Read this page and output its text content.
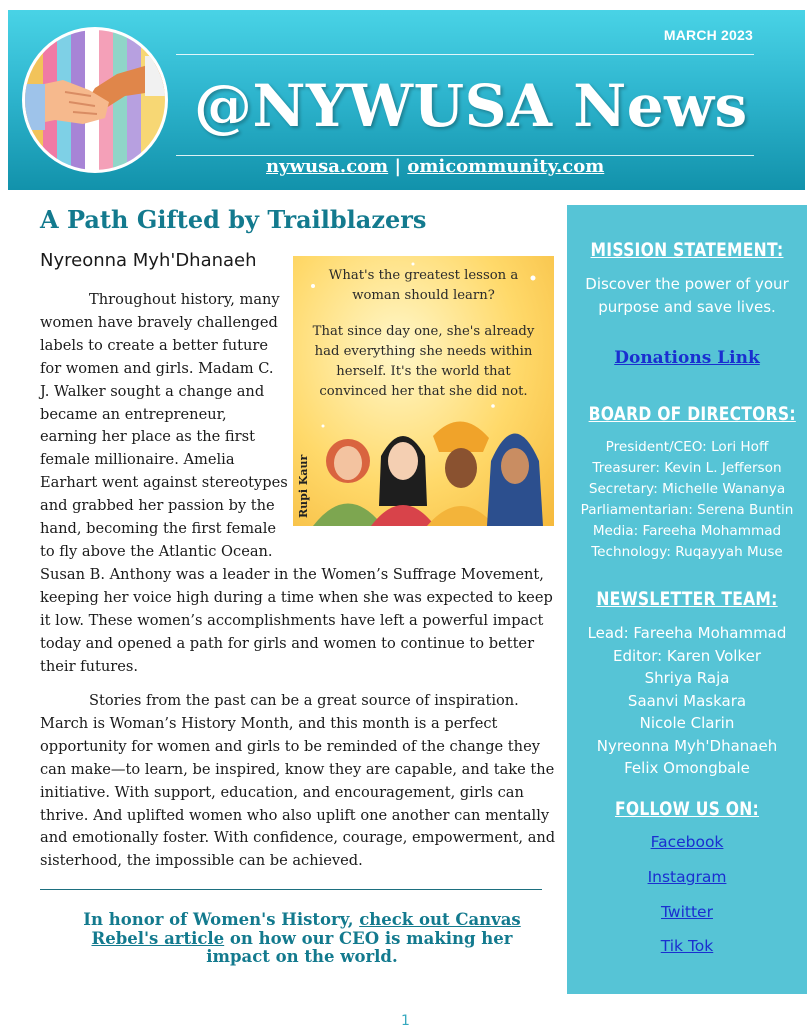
MARCH 2023
@NYWUSA News
nywusa.com | omicommunity.com
A Path Gifted by Trailblazers
Nyreonna Myh'Dhanaeh
Throughout history, many
women have bravely challenged
labels to create a better future
for women and girls. Madam C.
J. Walker sought a change and
became an entrepreneur,
earning her place as the first
female millionaire. Amelia
Earhart went against stereotypes
and grabbed her passion by the
hand, becoming the first female
to fly above the Atlantic Ocean.
Susan B. Anthony was a leader in the Women’s Suffrage Movement,
keeping her voice high during a time when she was expected to keep
it low. These women’s accomplishments have left a powerful impact
today and opened a path for girls and women to continue to better
their futures.
Stories from the past can be a great source of inspiration.
March is Woman’s History Month, and this month is a perfect
opportunity for women and girls to be reminded of the change they
can make—to learn, be inspired, know they are capable, and take the
initiative. With support, education, and encouragement, girls can
thrive. And uplifted women who also uplift one another can mentally
and emotionally foster. With confidence, courage, empowerment, and
sisterhood, the impossible can be achieved.
What's the greatest lesson a
woman should learn?
That since day one, she's already
had everything she needs within
herself. It's the world that
convinced her that she did not.
Rupi Kaur
In honor of Women's History, check out Canvas
Rebel's article on how our CEO is making her
impact on the world.
1
MISSION STATEMENT:
Discover the power of your
purpose and save lives.
Donations Link
BOARD OF DIRECTORS:
President/CEO: Lori Hoff
Treasurer: Kevin L. Jefferson
Secretary: Michelle Wananya
Parliamentarian: Serena Buntin
Media: Fareeha Mohammad
Technology: Ruqayyah Muse
NEWSLETTER TEAM:
Lead: Fareeha Mohammad
Editor: Karen Volker
Shriya Raja
Saanvi Maskara
Nicole Clarin
Nyreonna Myh'Dhanaeh
Felix Omongbale
FOLLOW US ON:
Facebook
Instagram
Twitter
Tik Tok
